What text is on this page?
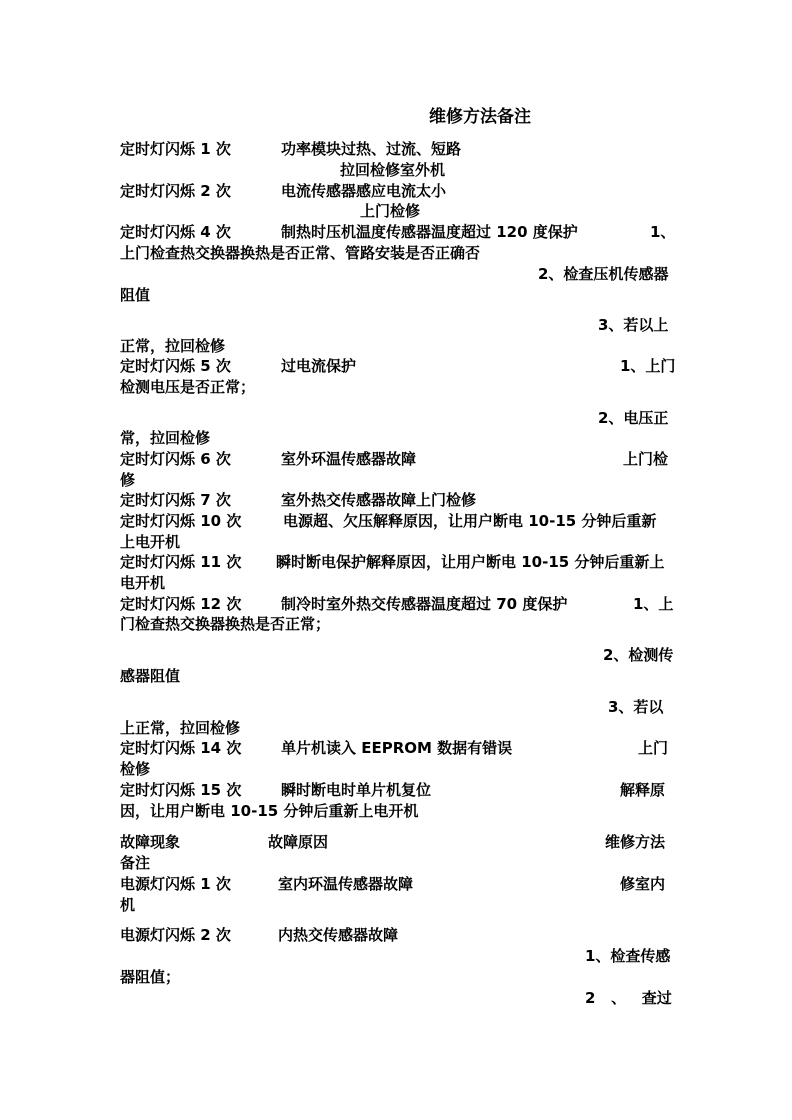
维修方法备注
定时灯闪烁 1 次	功率模块过热、过流、短路
拉回检修室外机
定时灯闪烁 2 次	电流传感器感应电流太小
上门检修
定时灯闪烁 4 次	制热时压机温度传感器温度超过 120 度保护	1、
上门检查热交换器换热是否正常、管路安装是否正确否
2、检查压机传感器
阻值
3、若以上
正常，拉回检修
定时灯闪烁 5 次	过电流保护	1、上门
检测电压是否正常；
2、电压正
常，拉回检修
定时灯闪烁 6 次	室外环温传感器故障	上门检
修
定时灯闪烁 7 次	室外热交传感器故障上门检修
定时灯闪烁 10 次	电源超、欠压解释原因，让用户断电 10-15 分钟后重新
上电开机
定时灯闪烁 11 次 瞬时断电保护解释原因，让用户断电 10-15 分钟后重新上
电开机
定时灯闪烁 12 次	制冷时室外热交传感器温度超过 70 度保护	1、上
门检查热交换器换热是否正常；
2、检测传
感器阻值
3、若以
上正常，拉回检修
定时灯闪烁 14 次	单片机读入 EEPROM 数据有错误	上门
检修
定时灯闪烁 15 次	瞬时断电时单片机复位	解释原
因，让用户断电 10-15 分钟后重新上电开机
故障现象	故障原因	维修方法
备注
电源灯闪烁 1 次	室内环温传感器故障	修室内
机
电源灯闪烁 2 次	内热交传感器故障
1、检查传感
器阻值；
2   、   查过
